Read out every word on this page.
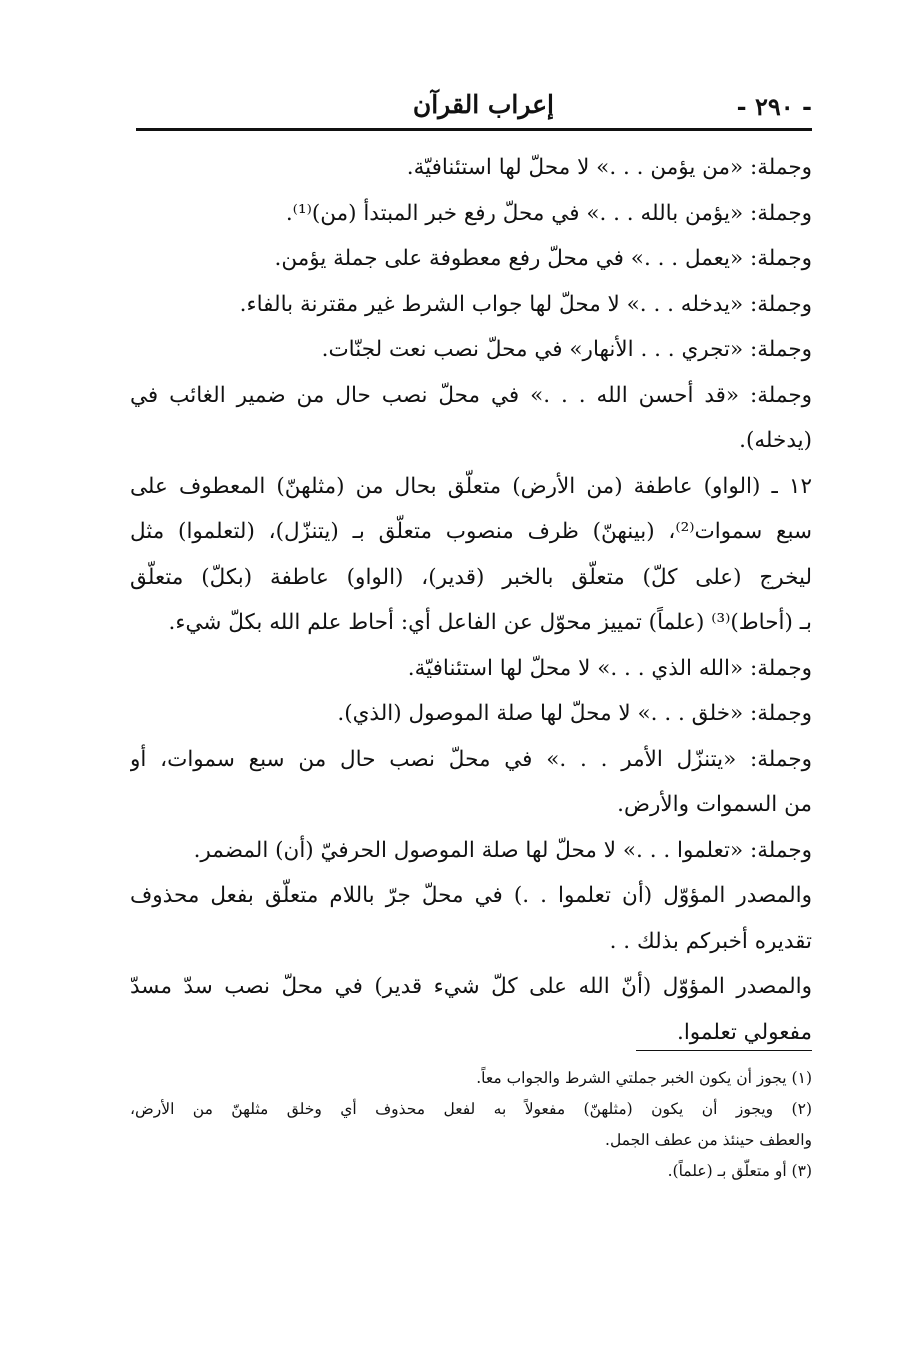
- ٢٩٠ -
إعراب القرآن
وجملة: «من يؤمن . . .» لا محلّ لها استئنافيّة.
وجملة: «يؤمن بالله . . .» في محلّ رفع خبر المبتدأ (من)⁽¹⁾.
وجملة: «يعمل . . .» في محلّ رفع معطوفة على جملة يؤمن.
وجملة: «يدخله . . .» لا محلّ لها جواب الشرط غير مقترنة بالفاء.
وجملة: «تجري . . . الأنهار» في محلّ نصب نعت لجنّات.
وجملة: «قد أحسن الله . . .» في محلّ نصب حال من ضمير الغائب في
(يدخله).
١٢ ـ (الواو) عاطفة (من الأرض) متعلّق بحال من (مثلهنّ) المعطوف على
سبع سموات⁽²⁾، (بينهنّ) ظرف منصوب متعلّق بـ (يتنزّل)، (لتعلموا) مثل
ليخرج (على كلّ) متعلّق بالخبر (قدير)، (الواو) عاطفة (بكلّ) متعلّق
بـ (أحاط)⁽³⁾ (علماً) تمييز محوّل عن الفاعل أي: أحاط علم الله بكلّ شيء.
وجملة: «الله الذي . . .» لا محلّ لها استئنافيّة.
وجملة: «خلق . . .» لا محلّ لها صلة الموصول (الذي).
وجملة: «يتنزّل الأمر . . .» في محلّ نصب حال من سبع سموات، أو
من السموات والأرض.
وجملة: «تعلموا . . .» لا محلّ لها صلة الموصول الحرفيّ (أن) المضمر.
والمصدر المؤوّل (أن تعلموا . .) في محلّ جرّ باللام متعلّق بفعل محذوف
تقديره أخبركم بذلك . .
والمصدر المؤوّل (أنّ الله على كلّ شيء قدير) في محلّ نصب سدّ مسدّ
مفعولي تعلموا.
(١) يجوز أن يكون الخبر جملتي الشرط والجواب معاً.
(٢) ويجوز أن يكون (مثلهنّ) مفعولاً به لفعل محذوف أي وخلق مثلهنّ من الأرض،
والعطف حينئذ من عطف الجمل.
(٣) أو متعلّق بـ (علماً).
